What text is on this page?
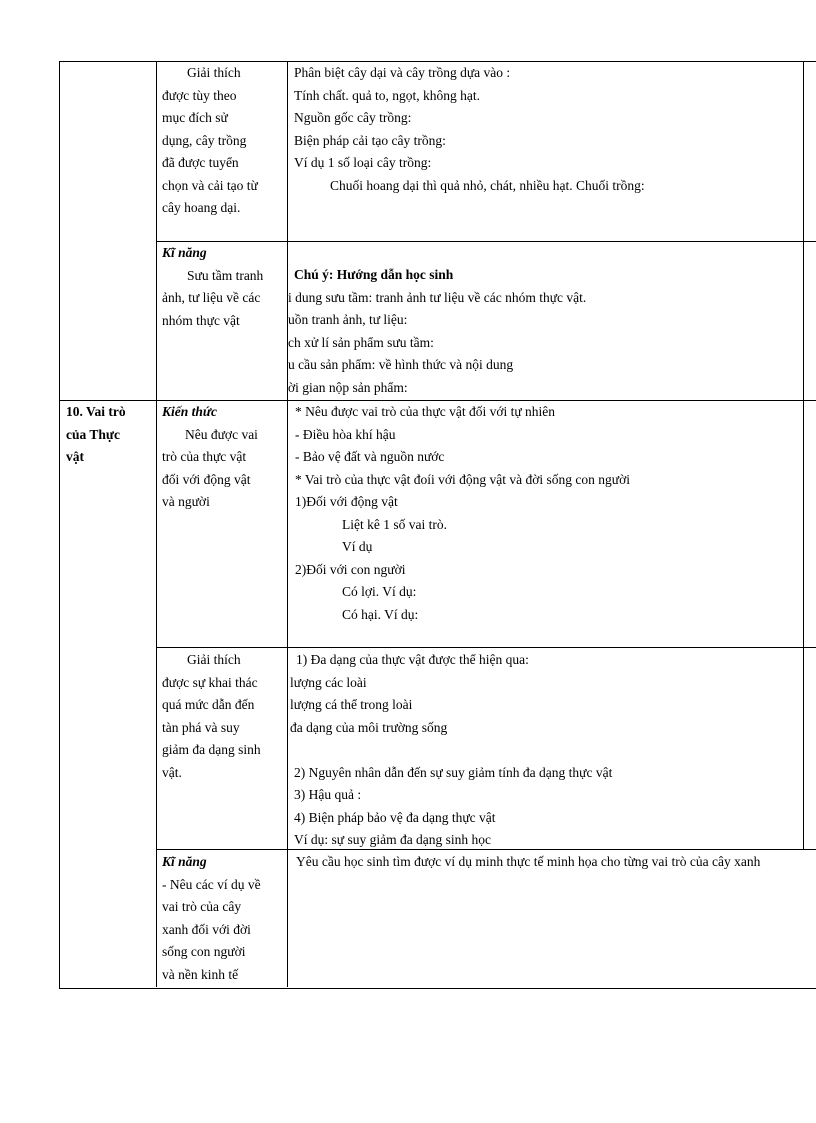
Giải thích
được tùy theo
mục đích sử
dụng, cây trồng
đã được tuyển
chọn và cải tạo từ
cây hoang dại.
Phân biệt cây dại và cây trồng dựa vào :
Tính chất. quả to, ngọt, không hạt.
Nguồn gốc cây trồng:
Biện pháp cải tạo cây trồng:
Ví dụ 1 số loại cây trồng:
Chuối hoang dại thì quả nhỏ, chát, nhiều hạt. Chuối trồng:
Kĩ năng
Sưu tầm tranh
ảnh, tư liệu về các
nhóm thực vật
Chú ý: Hướng dẫn học sinh
i dung sưu tầm: tranh ảnh tư liệu về các nhóm thực vật.
uồn tranh ảnh, tư liệu:
ch xử lí sản phẩm sưu tầm:
u cầu sản phẩm: về hình thức và nội dung
ời gian nộp sản phẩm:
10. Vai trò
của Thực
vật
Kiến thức
Nêu được vai
trò của thực vật
đối với động vật
và người
* Nêu được vai trò của thực vật đối với tự nhiên
- Điều hòa khí hậu
- Bảo vệ đất và nguồn nước
* Vai trò của thực vật đoíi với động vật và đời sống con người
1)Đối với động vật
Liệt kê 1 số vai trò.
Ví dụ
2)Đối với con người
Có lợi. Ví dụ:
Có hại. Ví dụ:
Giải thích
được sự khai thác
quá mức dẫn đến
tàn phá và suy
giảm đa dạng sinh
vật.
1) Đa dạng của thực vật được thể hiện qua:
lượng các loài
lượng cá thể trong loài
đa dạng của môi trường sống
2) Nguyên nhân dẫn đến sự suy giảm tính đa dạng thực vật
3) Hậu quả :
4) Biện pháp bảo vệ đa dạng thực vật
Ví dụ: sự suy giảm đa dạng sinh học
Kĩ năng
- Nêu các ví dụ về
vai trò của cây
xanh đối với đời
sống con người
và nền kinh tế
Yêu cầu học sinh tìm được ví dụ minh thực tế minh họa cho từng vai trò của cây xanh
